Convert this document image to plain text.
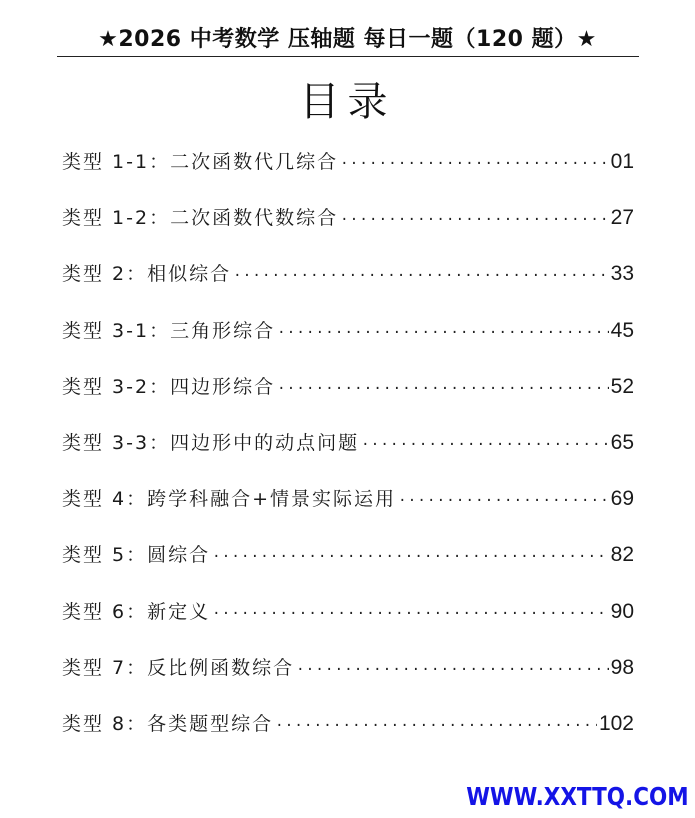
★2026 中考数学 压轴题 每日一题（120 题）★
目录
类型 1-1：二次函数代几综合 ·····	01
类型 1-2：二次函数代数综合 ·····	27
类型 2：相似综合 ·····	33
类型 3-1：三角形综合 ·····	45
类型 3-2：四边形综合 ·····	52
类型 3-3：四边形中的动点问题 ·····	65
类型 4：跨学科融合+情景实际运用 ·····	69
类型 5：圆综合 ·····	82
类型 6：新定义 ·····	90
类型 7：反比例函数综合 ·····	98
类型 8：各类题型综合 ·····	102
WWW.XXTTQ.COM
